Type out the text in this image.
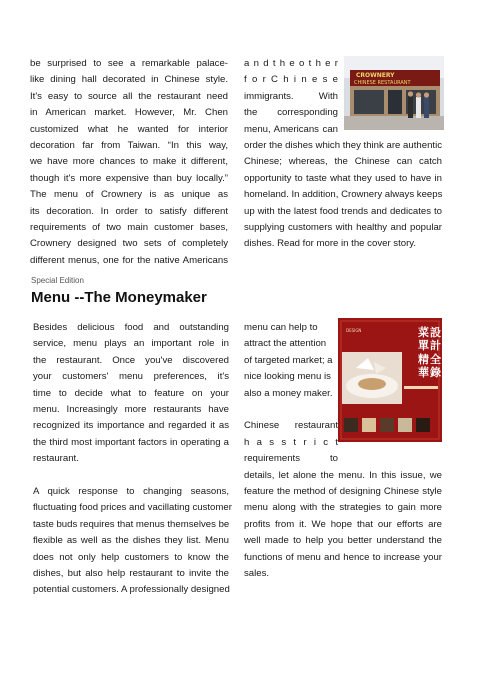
be surprised to see a remarkable palace-
like dining hall decorated in Chinese style.
It's easy to source all the restaurant need
in American market. However, Mr. Chen
customized what he wanted for interior
decoration far from Taiwan. “In this way,
we have more chances to make it different,
though it's more expensive than buy locally.”
The menu of Crownery is as unique as
its decoration. In order to satisfy different
requirements of two main customer bases,
Crownery designed two sets of completely
different menus, one for the native Americans
a n d t h e o t h e r
f o r C h i n e s e
immigrants. With
the corresponding
menu, Americans can
order the dishes which they think are authentic
Chinese; whereas, the Chinese can catch
opportunity to taste what they used to have in
homeland. In addition, Crownery always keeps
up with the latest food trends and dedicates to
supplying customers with healthy and popular
dishes. Read for more in the cover story.
CROWNERY
CHINESE RESTAURANT
Special Edition
Menu --The Moneymaker
Besides delicious food and outstanding
service, menu plays an important role in
the restaurant. Once you've discovered
your customers' menu preferences, it's
time to decide what to feature on your
menu. Increasingly more restaurants have
recognized its importance and regarded it as
the third most important factors in operating a
restaurant.
A quick response to changing seasons,
fluctuating food prices and vacillating customer
taste buds requires that menus themselves be
flexible as well as the dishes they list. Menu
does not only help customers to know the
dishes, but also help restaurant to invite the
potential customers. A professionally designed
menu can help to
attract the attention
of targeted market; a
nice looking menu is
also a money maker.
Chinese restaurant
h a s s t r i c t
requirements to
details, let alone the menu. In this issue, we
feature the method of designing Chinese style
menu along with the strategies to gain more
profits from it. We hope that our efforts are
well made to help you better understand the
functions of menu and hence to increase your
sales.
DESIGN	菜
單
設
計
精
華
全
錄
